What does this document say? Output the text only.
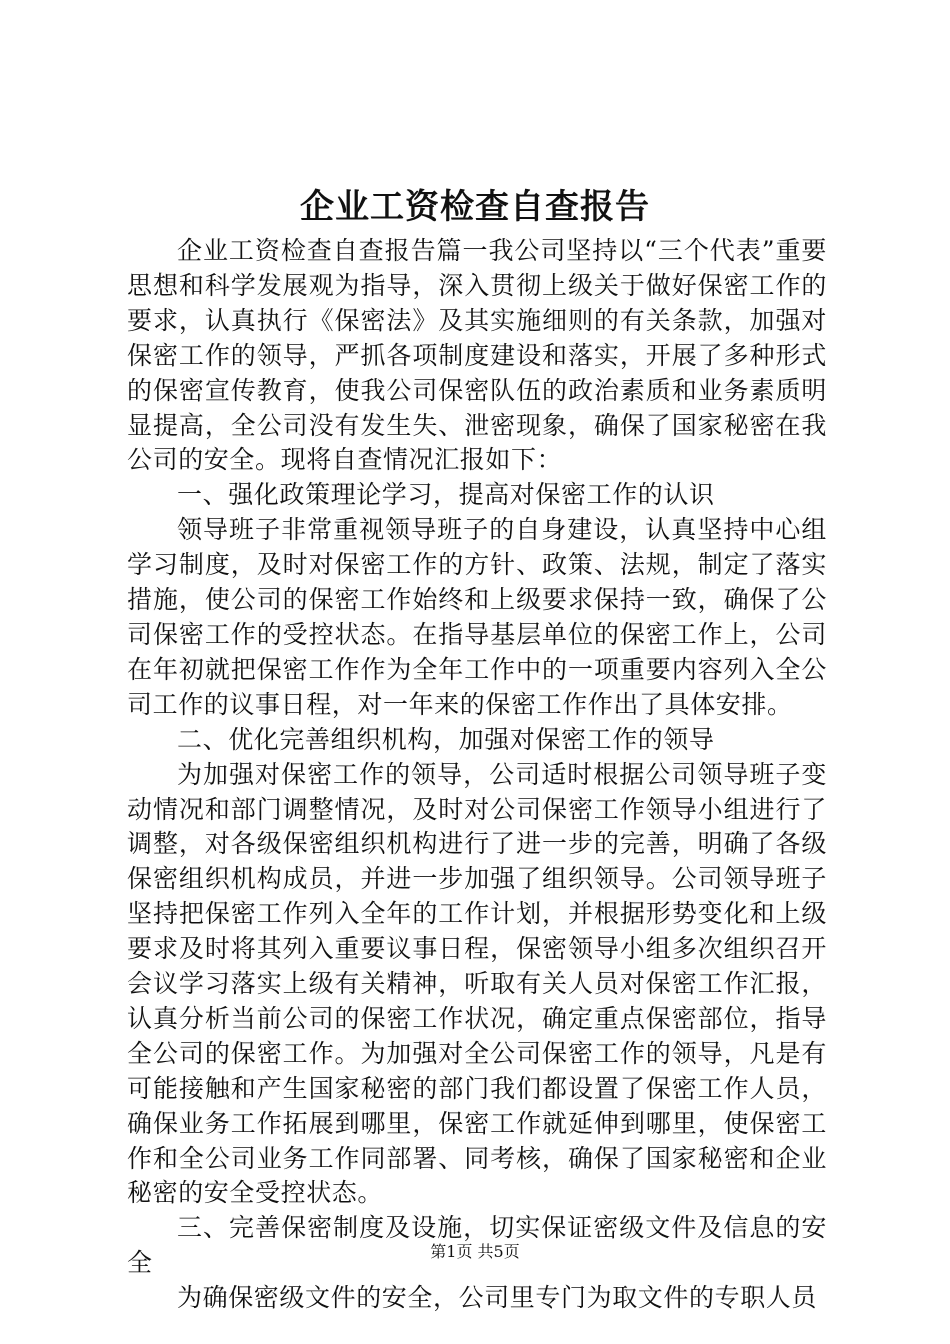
企业工资检查自查报告

企业工资检查自查报告篇一我公司坚持以“三个代表”重要思想和科学发展观为指导，深入贯彻上级关于做好保密工作的要求，认真执行《保密法》及其实施细则的有关条款，加强对保密工作的领导，严抓各项制度建设和落实，开展了多种形式的保密宣传教育，使我公司保密队伍的政治素质和业务素质明显提高，全公司没有发生失、泄密现象，确保了国家秘密在我公司的安全。现将自查情况汇报如下：

一、强化政策理论学习，提高对保密工作的认识

领导班子非常重视领导班子的自身建设，认真坚持中心组学习制度，及时对保密工作的方针、政策、法规，制定了落实措施，使公司的保密工作始终和上级要求保持一致，确保了公司保密工作的受控状态。在指导基层单位的保密工作上，公司在年初就把保密工作作为全年工作中的一项重要内容列入全公司工作的议事日程，对一年来的保密工作作出了具体安排。

二、优化完善组织机构，加强对保密工作的领导

为加强对保密工作的领导，公司适时根据公司领导班子变动情况和部门调整情况，及时对公司保密工作领导小组进行了调整，对各级保密组织机构进行了进一步的完善，明确了各级保密组织机构成员，并进一步加强了组织领导。公司领导班子坚持把保密工作列入全年的工作计划，并根据形势变化和上级要求及时将其列入重要议事日程，保密领导小组多次组织召开会议学习落实上级有关精神，听取有关人员对保密工作汇报，认真分析当前公司的保密工作状况，确定重点保密部位，指导全公司的保密工作。为加强对全公司保密工作的领导，凡是有可能接触和产生国家秘密的部门我们都设置了保密工作人员，确保业务工作拓展到哪里，保密工作就延伸到哪里，使保密工作和全公司业务工作同部署、同考核，确保了国家秘密和企业秘密的安全受控状态。

三、完善保密制度及设施，切实保证密级文件及信息的安全

为确保密级文件的安全，公司里专门为取文件的专职人员

第1页 共5页
